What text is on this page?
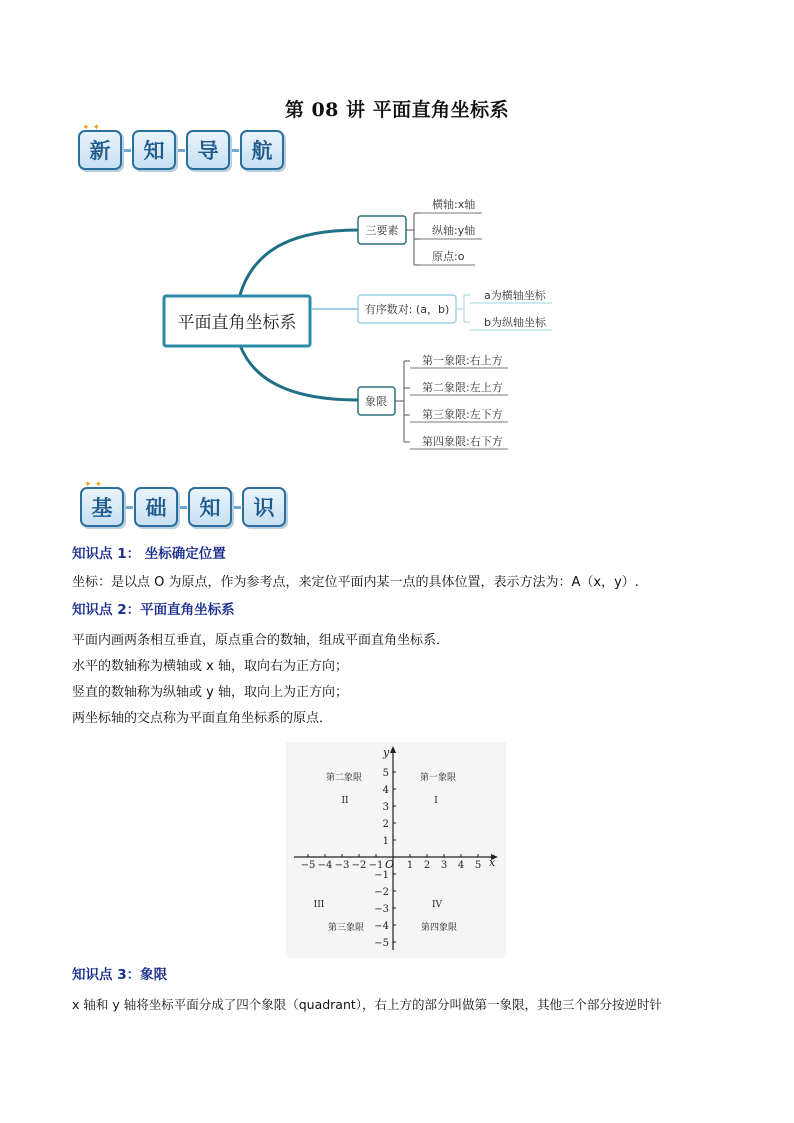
第 08 讲 平面直角坐标系
✦ ✦
新 知 导 航
平面直角坐标系
三要素
横轴:x轴
纵轴:y轴
原点:o
有序数对: (a，b)
a为横轴坐标
b为纵轴坐标
象限
第一象限:右上方
第二象限:左上方
第三象限:左下方
第四象限:右下方
✦ ✦
基 础 知 识
知识点 1： 坐标确定位置
坐标：是以点 O 为原点，作为参考点，来定位平面内某一点的具体位置，表示方法为：A（x，y）.
知识点 2：平面直角坐标系
平面内画两条相互垂直，原点重合的数轴，组成平面直角坐标系．
水平的数轴称为横轴或 x 轴，取向右为正方向；
竖直的数轴称为纵轴或 y 轴，取向上为正方向；
两坐标轴的交点称为平面直角坐标系的原点．
−5 −4 −3 −2 −1 1 2 3 4 5
5
4
3
2
1
−1
−2
−3
−4
−5
x
y
O
第二象限
II
第一象限
I
III
第三象限
IV
第四象限
知识点 3：象限
x 轴和 y 轴将坐标平面分成了四个象限（quadrant），右上方的部分叫做第一象限，其他三个部分按逆时针
